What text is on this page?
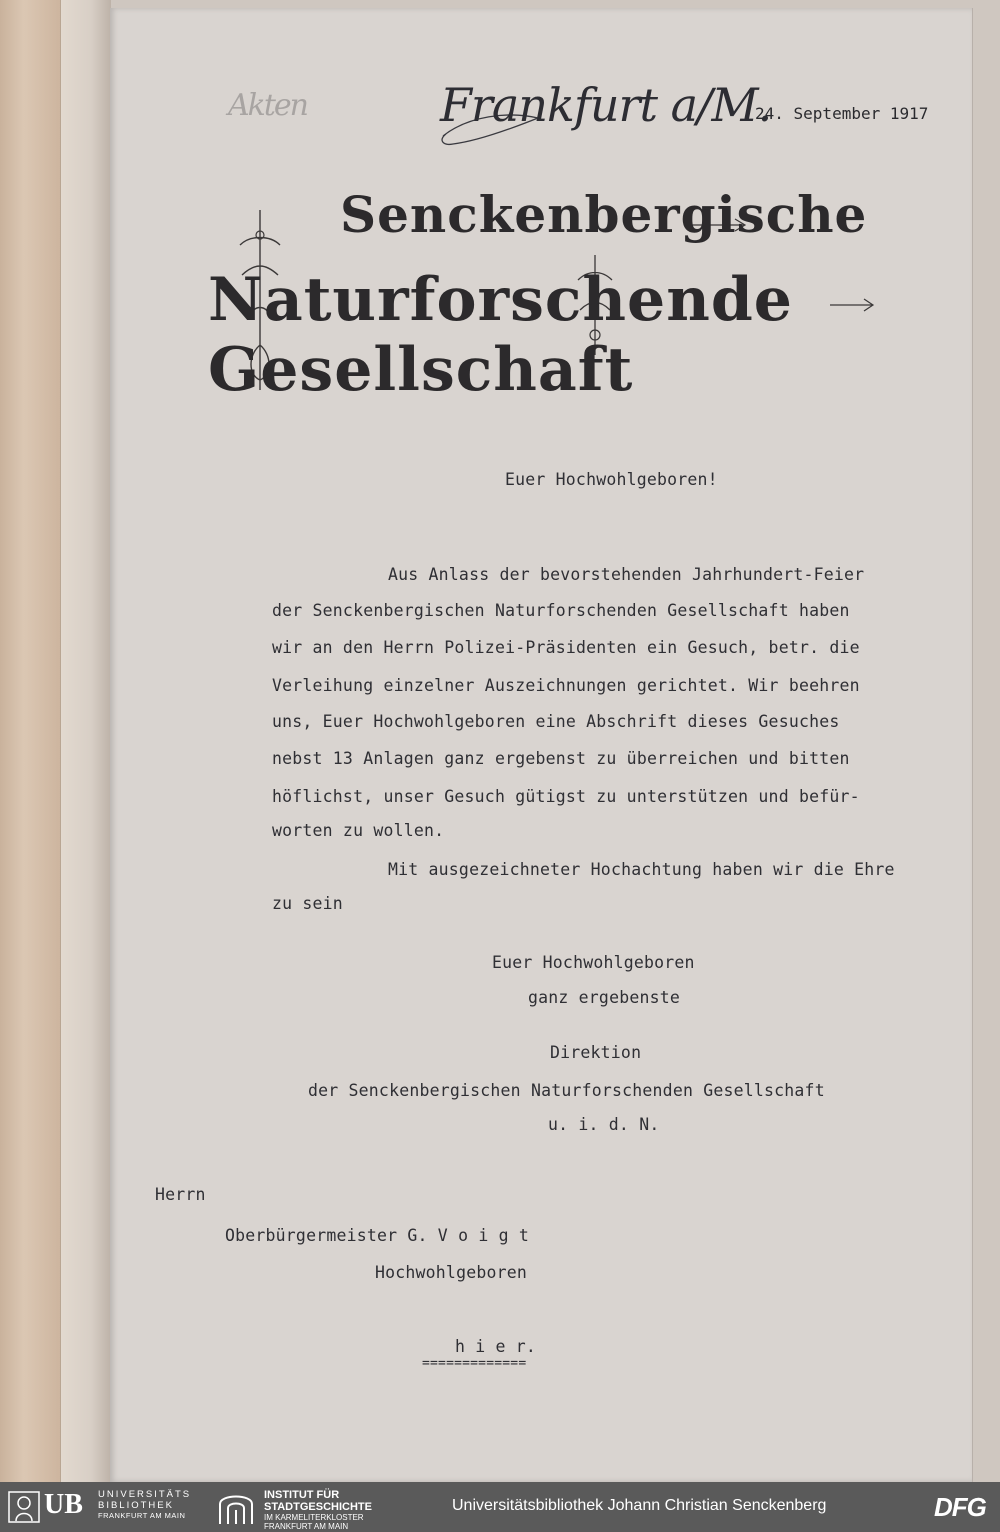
Akten	Frankfurt a/M.
24. September 1917
Senckenbergische
Naturforschende Gesellschaft
Euer Hochwohlgeboren!
Aus Anlass der bevorstehenden Jahrhundert-Feier
der Senckenbergischen Naturforschenden Gesellschaft haben
wir an den Herrn Polizei-Präsidenten ein Gesuch, betr. die
Verleihung einzelner Auszeichnungen gerichtet. Wir beehren
uns, Euer Hochwohlgeboren eine Abschrift dieses Gesuches
nebst 13 Anlagen ganz ergebenst zu überreichen und bitten
höflichst, unser Gesuch gütigst zu unterstützen und befür-
worten zu wollen.
Mit ausgezeichneter Hochachtung haben wir die Ehre
zu sein
Euer Hochwohlgeboren
ganz ergebenste
Direktion
der Senckenbergischen Naturforschenden Gesellschaft
u. i. d. N.
Herrn
Oberbürgermeister G. V o i g t
Hochwohlgeboren
h i e r.
=============
UB UNIVERSITÄTS
BIBLIOTHEK
FRANKFURT AM MAIN
INSTITUT FÜR
STADTGESCHICHTE
IM KARMELITERKLOSTER
FRANKFURT AM MAIN
Universitätsbibliothek Johann Christian Senckenberg	DFG
